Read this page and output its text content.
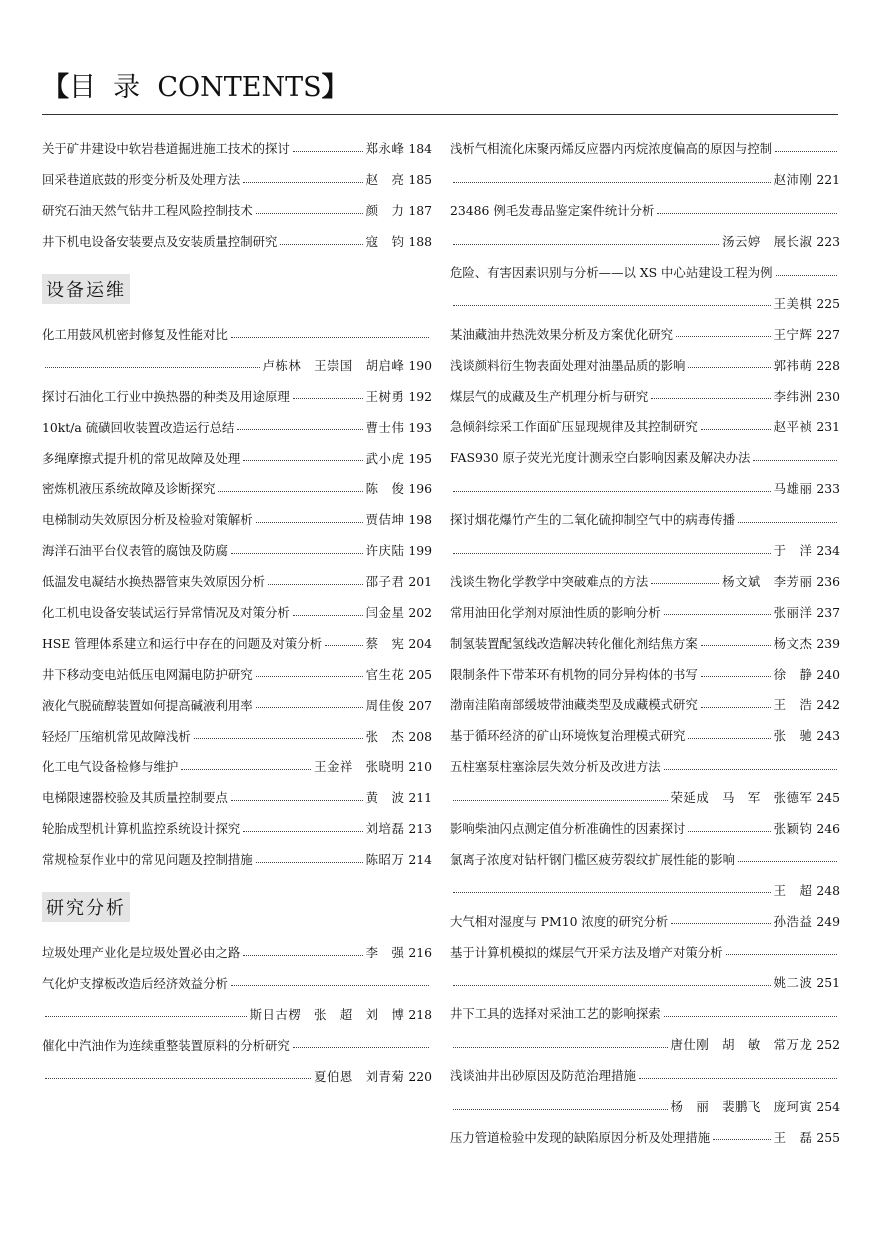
【目  录  CONTENTS】
关于矿井建设中软岩巷道掘进施工技术的探讨	郑永峰 184
回采巷道底鼓的形变分析及处理方法	赵　亮 185
研究石油天然气钻井工程风险控制技术	颜　力 187
井下机电设备安装要点及安装质量控制研究	寇　钧 188
设备运维
化工用鼓风机密封修复及性能对比
卢栋林　王崇国　胡启峰 190
探讨石油化工行业中换热器的种类及用途原理	王树勇 192
10kt/a 硫磺回收装置改造运行总结	曹士伟 193
多绳摩擦式提升机的常见故障及处理	武小虎 195
密炼机液压系统故障及诊断探究	陈　俊 196
电梯制动失效原因分析及检验对策解析	贾佶坤 198
海洋石油平台仪表管的腐蚀及防腐	许庆陆 199
低温发电凝结水换热器管束失效原因分析	邵子君 201
化工机电设备安装试运行异常情况及对策分析	闫金星 202
HSE 管理体系建立和运行中存在的问题及对策分析	蔡　宪 204
井下移动变电站低压电网漏电防护研究	官生花 205
液化气脱硫醇装置如何提高碱液利用率	周佳俊 207
轻烃厂压缩机常见故障浅析	张　杰 208
化工电气设备检修与维护	王金祥　张晓明 210
电梯限速器校验及其质量控制要点	黄　波 211
轮胎成型机计算机监控系统设计探究	刘培磊 213
常规检泵作业中的常见问题及控制措施	陈昭万 214
研究分析
垃圾处理产业化是垃圾处置必由之路	李　强 216
气化炉支撑板改造后经济效益分析
斯日古楞　张　超　刘　博 218
催化中汽油作为连续重整装置原料的分析研究
夏伯恩　刘青菊 220
浅析气相流化床聚丙烯反应器内丙烷浓度偏高的原因与控制
赵沛刚 221
23486 例毛发毒品鉴定案件统计分析
汤云婷　展长淑 223
危险、有害因素识别与分析——以 XS 中心站建设工程为例
王美棋 225
某油藏油井热洗效果分析及方案优化研究	王宁辉 227
浅谈颜料衍生物表面处理对油墨品质的影响	郭祎萌 228
煤层气的成藏及生产机理分析与研究	李纬洲 230
急倾斜综采工作面矿压显现规律及其控制研究	赵平祯 231
FAS930 原子荧光光度计测汞空白影响因素及解决办法
马雄丽 233
探讨烟花爆竹产生的二氧化硫抑制空气中的病毒传播
于　洋 234
浅谈生物化学教学中突破难点的方法	杨文斌　李芳丽 236
常用油田化学剂对原油性质的影响分析	张丽洋 237
制氢装置配氢线改造解决转化催化剂结焦方案	杨文杰 239
限制条件下带苯环有机物的同分异构体的书写	徐　静 240
渤南洼陷南部缓坡带油藏类型及成藏模式研究	王　浩 242
基于循环经济的矿山环境恢复治理模式研究	张　驰 243
五柱塞泵柱塞涂层失效分析及改进方法
荣延成　马　军　张德军 245
影响柴油闪点测定值分析准确性的因素探讨	张颖钧 246
氯离子浓度对钻杆钢门槛区疲劳裂纹扩展性能的影响
王　超 248
大气相对湿度与 PM10 浓度的研究分析	孙浩益 249
基于计算机模拟的煤层气开采方法及增产对策分析
姚二波 251
井下工具的选择对采油工艺的影响探索
唐仕刚　胡　敏　常万龙 252
浅谈油井出砂原因及防范治理措施
杨　丽　裴鹏飞　庞珂寅 254
压力管道检验中发现的缺陷原因分析及处理措施	王　磊 255
